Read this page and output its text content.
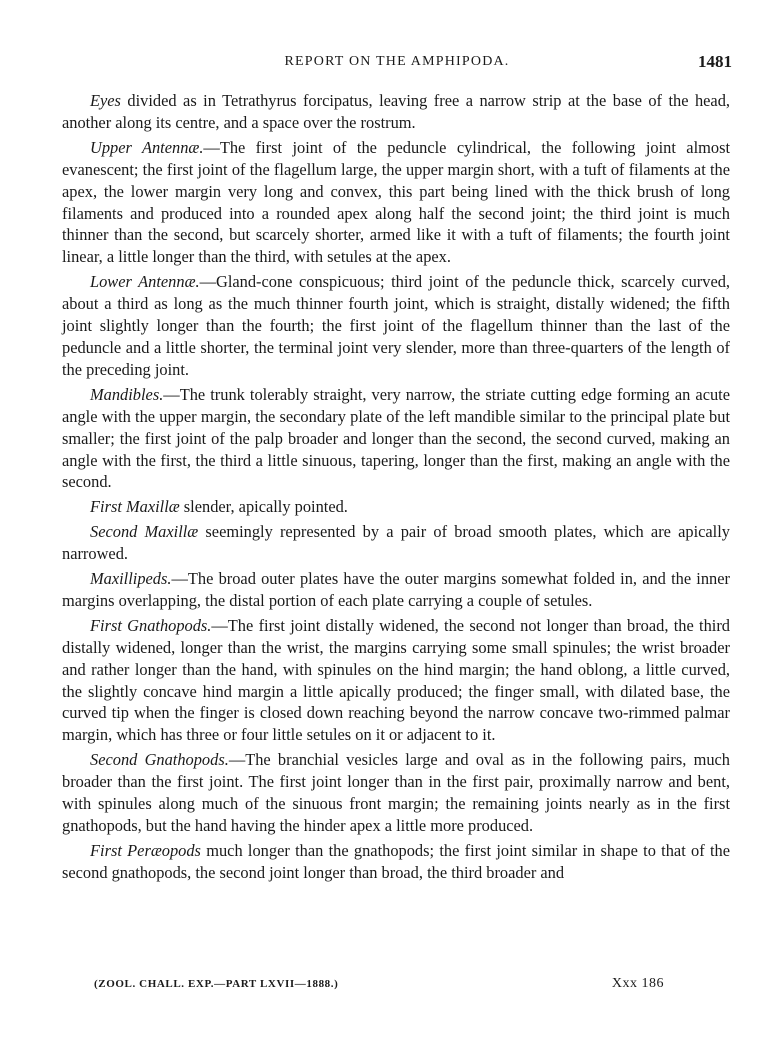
REPORT ON THE AMPHIPODA.	1481

Eyes divided as in Tetrathyrus forcipatus, leaving free a narrow strip at the base of the head, another along its centre, and a space over the rostrum.

Upper Antennæ.—The first joint of the peduncle cylindrical, the following joint almost evanescent; the first joint of the flagellum large, the upper margin short, with a tuft of filaments at the apex, the lower margin very long and convex, this part being lined with the thick brush of long filaments and produced into a rounded apex along half the second joint; the third joint is much thinner than the second, but scarcely shorter, armed like it with a tuft of filaments; the fourth joint linear, a little longer than the third, with setules at the apex.

Lower Antennæ.—Gland-cone conspicuous; third joint of the peduncle thick, scarcely curved, about a third as long as the much thinner fourth joint, which is straight, distally widened; the fifth joint slightly longer than the fourth; the first joint of the flagellum thinner than the last of the peduncle and a little shorter, the terminal joint very slender, more than three-quarters of the length of the preceding joint.

Mandibles.—The trunk tolerably straight, very narrow, the striate cutting edge forming an acute angle with the upper margin, the secondary plate of the left mandible similar to the principal plate but smaller; the first joint of the palp broader and longer than the second, the second curved, making an angle with the first, the third a little sinuous, tapering, longer than the first, making an angle with the second.

First Maxillæ slender, apically pointed.

Second Maxillæ seemingly represented by a pair of broad smooth plates, which are apically narrowed.

Maxillipeds.—The broad outer plates have the outer margins somewhat folded in, and the inner margins overlapping, the distal portion of each plate carrying a couple of setules.

First Gnathopods.—The first joint distally widened, the second not longer than broad, the third distally widened, longer than the wrist, the margins carrying some small spinules; the wrist broader and rather longer than the hand, with spinules on the hind margin; the hand oblong, a little curved, the slightly concave hind margin a little apically produced; the finger small, with dilated base, the curved tip when the finger is closed down reaching beyond the narrow concave two-rimmed palmar margin, which has three or four little setules on it or adjacent to it.

Second Gnathopods.—The branchial vesicles large and oval as in the following pairs, much broader than the first joint. The first joint longer than in the first pair, proximally narrow and bent, with spinules along much of the sinuous front margin; the remaining joints nearly as in the first gnathopods, but the hand having the hinder apex a little more produced.

First Peræopods much longer than the gnathopods; the first joint similar in shape to that of the second gnathopods, the second joint longer than broad, the third broader and

(ZOOL. CHALL. EXP.—PART LXVII—1888.)	Xxx 186
